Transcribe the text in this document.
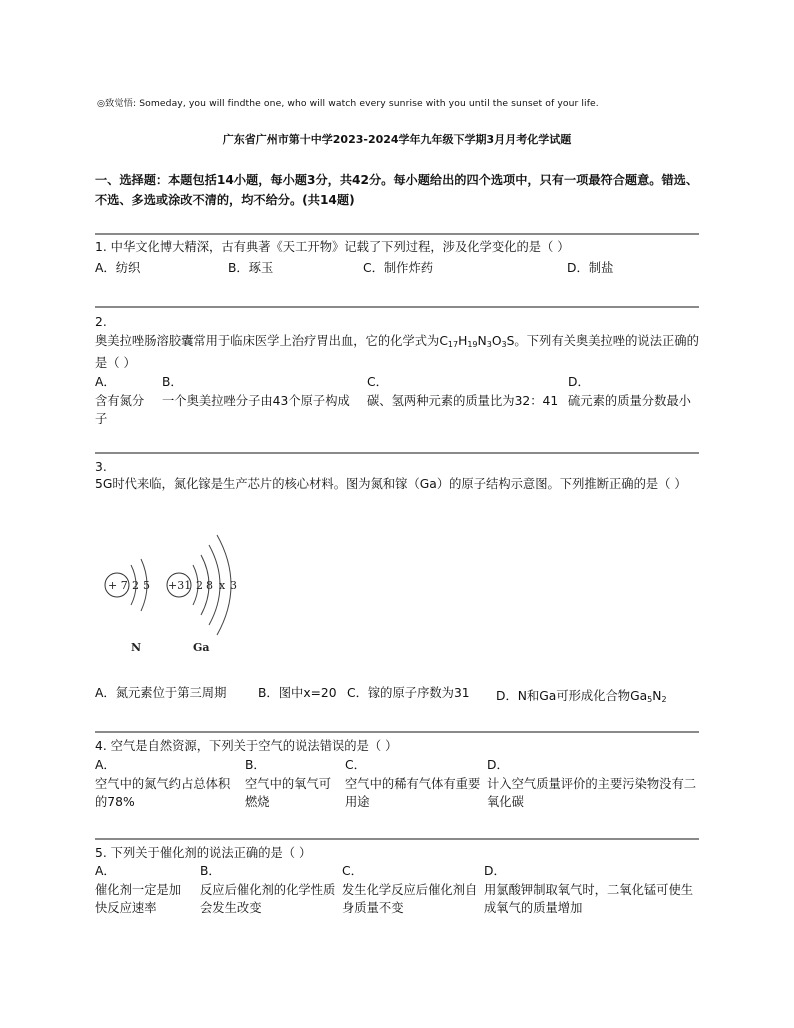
◎致觉悟: Someday, you will findthe one, who will watch every sunrise with you until the sunset of your life.
广东省广州市第十中学2023-2024学年九年级下学期3月月考化学试题
一、选择题：本题包括14小题，每小题3分，共42分。每小题给出的四个选项中，只有一项最符合题意。错选、不选、多选或涂改不清的，均不给分。(共14题)
1. 中华文化博大精深，古有典著《天工开物》记载了下列过程，涉及化学变化的是（ ）
A．纺织	B．琢玉	C．制作炸药	D．制盐
2.
奥美拉唑肠溶胶囊常用于临床医学上治疗胃出血，它的化学式为$C_{17}H_{19}N_3O_3S$。下列有关奥美拉唑的说法正确的是（ ）
A．
含有氮分子
B．
一个奥美拉唑分子由43个原子构成
C．
碳、氢两种元素的质量比为32：41
D．
硫元素的质量分数最小
3.
5G时代来临，氮化镓是生产芯片的核心材料。图为氮和镓（Ga）的原子结构示意图。下列推断正确的是（ ）
+ 7 2 5
N
+31 2 8 x 3
Ga
A．氮元素位于第三周期	B．图中x=20 C．镓的原子序数为31 D．N和Ga可形成化合物$Ga_5N_2$
4. 空气是自然资源，下列关于空气的说法错误的是（ ）
A．
空气中的氮气约占总体积的78%
B．
空气中的氧气可燃烧
C．
空气中的稀有气体有重要用途
D．
计入空气质量评价的主要污染物没有二氧化碳
5. 下列关于催化剂的说法正确的是（ ）
A．
催化剂一定是加快反应速率
B．
反应后催化剂的化学性质会发生改变
C．
发生化学反应后催化剂自身质量不变
D．
用氯酸钾制取氧气时，二氧化锰可使生成氧气的质量增加
